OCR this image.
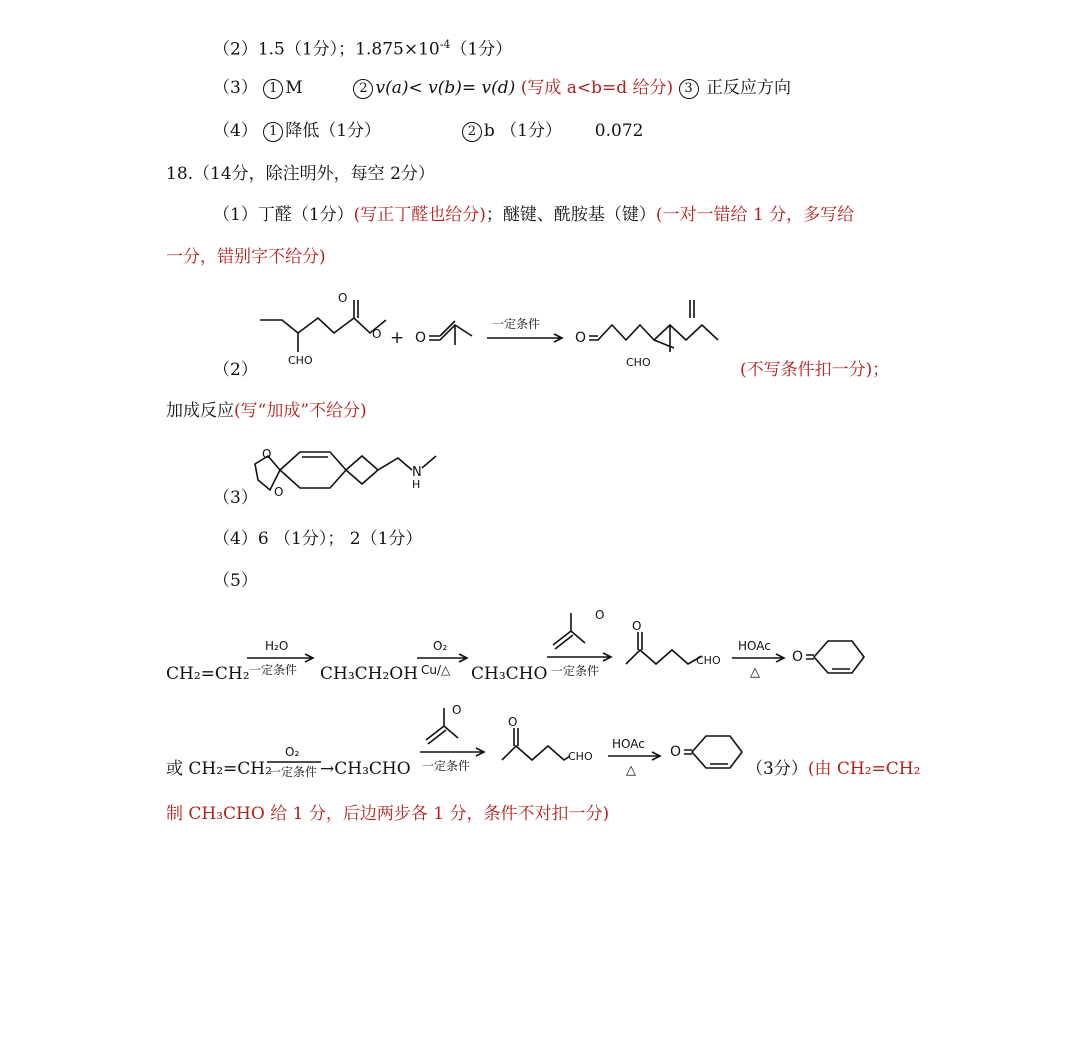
（2）1.5（1分）；$1.875\times 10^{-4}(1$分）
（3） 1 M	2 v(a)< v(b)= v(d) (写成 a<b=d 给分) 3 正反应方向
（4） 1 降低（1分）	2 b （1分） 0.072
18.（14分，除注明外，每空 2分）
（1）丁醛（1分）(写正丁醛也给分)；醚键、酰胺基（键）(一对一错给 1 分，多写给
一分，错别字不给分)
（2）
O
O
CHO
+ O
一定条件
O
CHO	(不写条件扣一分)；
加成反应(写“加成”不给分)
（3）
O
O
N
H
（4）6 （1分）； 2（1分）
（5）
CH₂=CH₂
H₂O
一定条件 CH₃CH₂OH
O₂
Cu/△ CH₃CHO
O
一定条件
O
CHO
HOAc
△
O
或 CH₂=CH₂
O₂
一定条件 →CH₃CHO
O
一定条件
O
CHO
HOAc
△
O
（3分）(由 CH₂=CH₂
制 CH₃CHO 给 1 分，后边两步各 1 分，条件不对扣一分)
